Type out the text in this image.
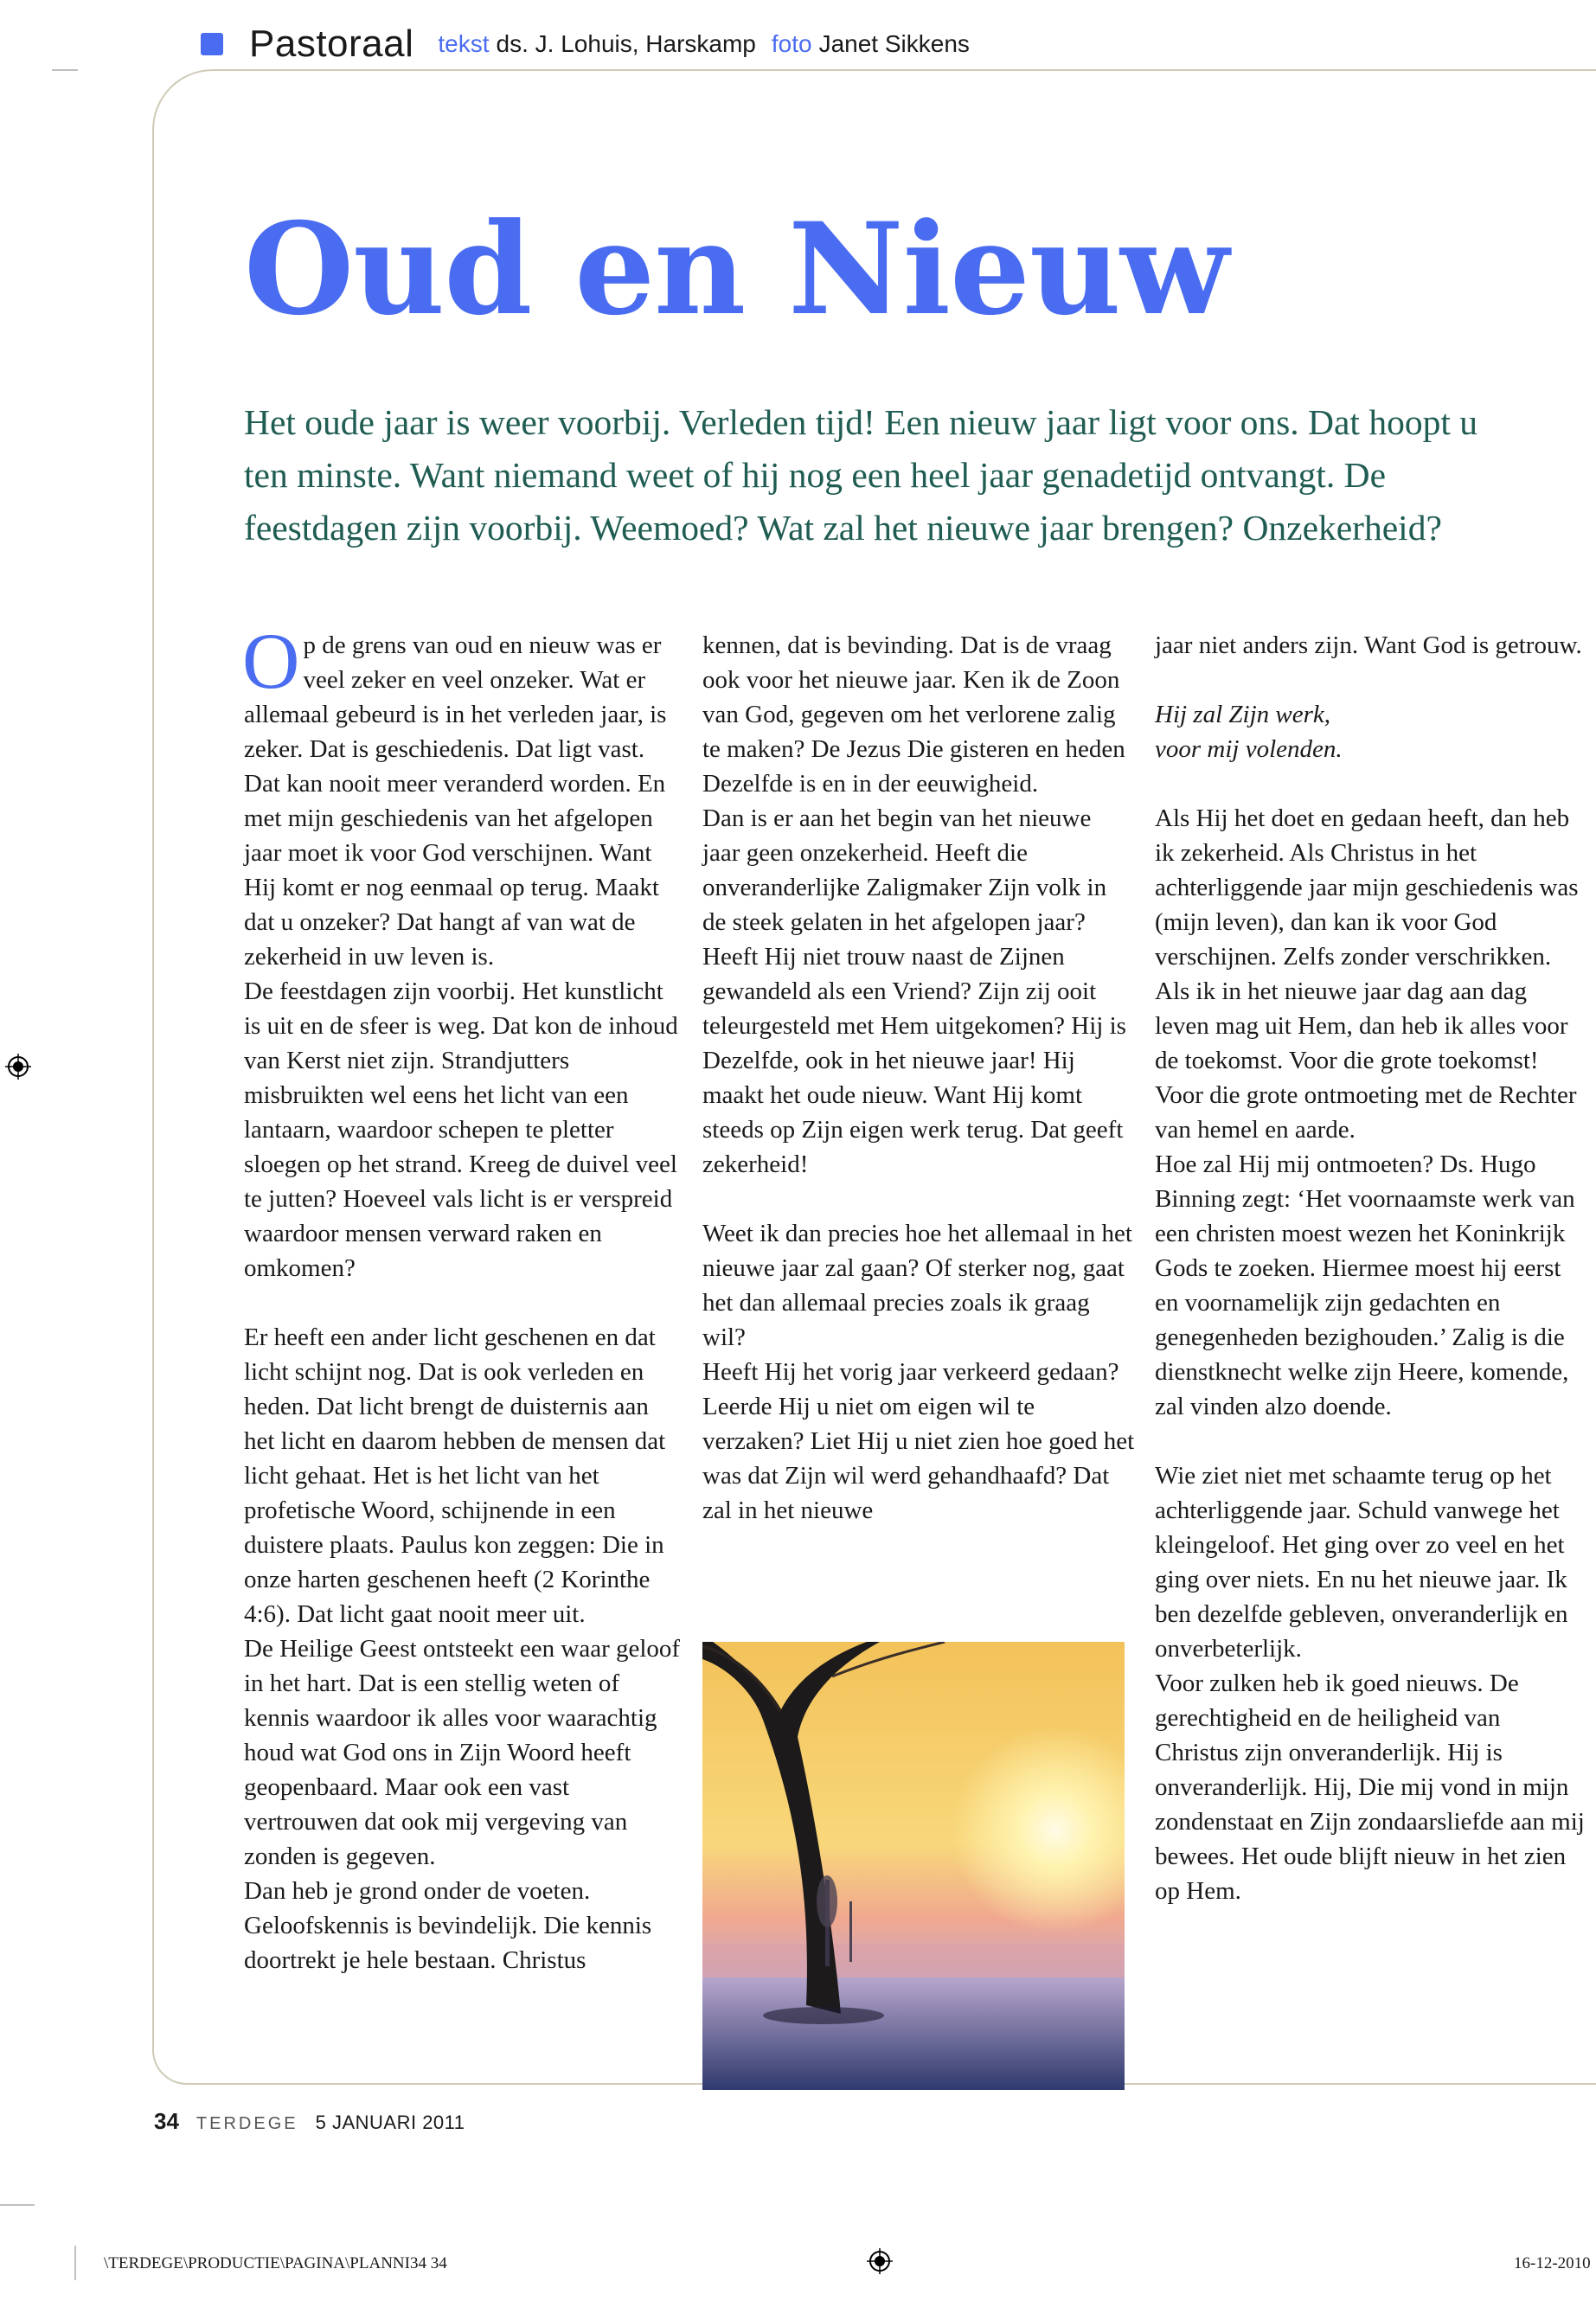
Pastoraal tekst ds. J. Lohuis, Harskamp foto Janet Sikkens
Oud en Nieuw

Het oude jaar is weer voorbij. Verleden tijd! Een nieuw jaar ligt voor ons. Dat hoopt u ten minste. Want niemand weet of hij nog een heel jaar genadetijd ontvangt. De feestdagen zijn voorbij. Weemoed? Wat zal het nieuwe jaar brengen? Onzekerheid?

Op de grens van oud en nieuw was er veel zeker en veel onzeker. Wat er allemaal gebeurd is in het verleden jaar, is zeker. Dat is geschiedenis. Dat ligt vast. Dat kan nooit meer veranderd worden. En met mijn geschiedenis van het afgelopen jaar moet ik voor God verschijnen. Want Hij komt er nog eenmaal op terug. Maakt dat u onzeker? Dat hangt af van wat de zekerheid in uw leven is.

De feestdagen zijn voorbij. Het kunstlicht is uit en de sfeer is weg. Dat kon de inhoud van Kerst niet zijn. Strandjutters misbruikten wel eens het licht van een lantaarn, waardoor schepen te pletter sloegen op het strand. Kreeg de duivel veel te jutten? Hoeveel vals licht is er verspreid waardoor mensen verward raken en omkomen?

Er heeft een ander licht geschenen en dat licht schijnt nog. Dat is ook verleden en heden. Dat licht brengt de duisternis aan het licht en daarom hebben de mensen dat licht gehaat. Het is het licht van het profetische Woord, schijnende in een duistere plaats. Paulus kon zeggen: Die in onze harten geschenen heeft (2 Korinthe 4:6). Dat licht gaat nooit meer uit.

De Heilige Geest ontsteekt een waar geloof in het hart. Dat is een stellig weten of kennis waardoor ik alles voor waarachtig houd wat God ons in Zijn Woord heeft geopenbaard. Maar ook een vast vertrouwen dat ook mij vergeving van zonden is gegeven.

Dan heb je grond onder de voeten. Geloofskennis is bevindelijk. Die kennis doortrekt je hele bestaan. Christus

kennen, dat is bevinding. Dat is de vraag ook voor het nieuwe jaar. Ken ik de Zoon van God, gegeven om het verlorene zalig te maken? De Jezus Die gisteren en heden Dezelfde is en in der eeuwigheid.

Dan is er aan het begin van het nieuwe jaar geen onzekerheid. Heeft die onveranderlijke Zaligmaker Zijn volk in de steek gelaten in het afgelopen jaar? Heeft Hij niet trouw naast de Zijnen gewandeld als een Vriend? Zijn zij ooit teleurgesteld met Hem uitgekomen? Hij is Dezelfde, ook in het nieuwe jaar! Hij maakt het oude nieuw. Want Hij komt steeds op Zijn eigen werk terug. Dat geeft zekerheid!

Weet ik dan precies hoe het allemaal in het nieuwe jaar zal gaan? Of sterker nog, gaat het dan allemaal precies zoals ik graag wil?

Heeft Hij het vorig jaar verkeerd gedaan? Leerde Hij u niet om eigen wil te verzaken? Liet Hij u niet zien hoe goed het was dat Zijn wil werd gehandhaafd? Dat zal in het nieuwe

jaar niet anders zijn. Want God is getrouw.

Hij zal Zijn werk,

voor mij volenden.

Als Hij het doet en gedaan heeft, dan heb ik zekerheid. Als Christus in het achterliggende jaar mijn geschiedenis was (mijn leven), dan kan ik voor God verschijnen. Zelfs zonder verschrikken. Als ik in het nieuwe jaar dag aan dag leven mag uit Hem, dan heb ik alles voor de toekomst. Voor die grote toekomst! Voor die grote ontmoeting met de Rechter van hemel en aarde.

Hoe zal Hij mij ontmoeten? Ds. Hugo Binning zegt: ‘Het voornaamste werk van een christen moest wezen het Koninkrijk Gods te zoeken. Hiermee moest hij eerst en voornamelijk zijn gedachten en genegenheden bezighouden.’ Zalig is die dienstknecht welke zijn Heere, komende, zal vinden alzo doende.

Wie ziet niet met schaamte terug op het achterliggende jaar. Schuld vanwege het kleingeloof. Het ging over zo veel en het ging over niets. En nu het nieuwe jaar. Ik ben dezelfde gebleven, onveranderlijk en onverbeterlijk.

Voor zulken heb ik goed nieuws. De gerechtigheid en de heiligheid van Christus zijn onveranderlijk. Hij is onveranderlijk. Hij, Die mij vond in mijn zondenstaat en Zijn zondaarsliefde aan mij bewees. Het oude blijft nieuw in het zien op Hem.

34 TERDEGE 5 JANUARI 2011
\TERDEGE\PRODUCTIE\PAGINA\PLANNI34 34	16-12-2010
